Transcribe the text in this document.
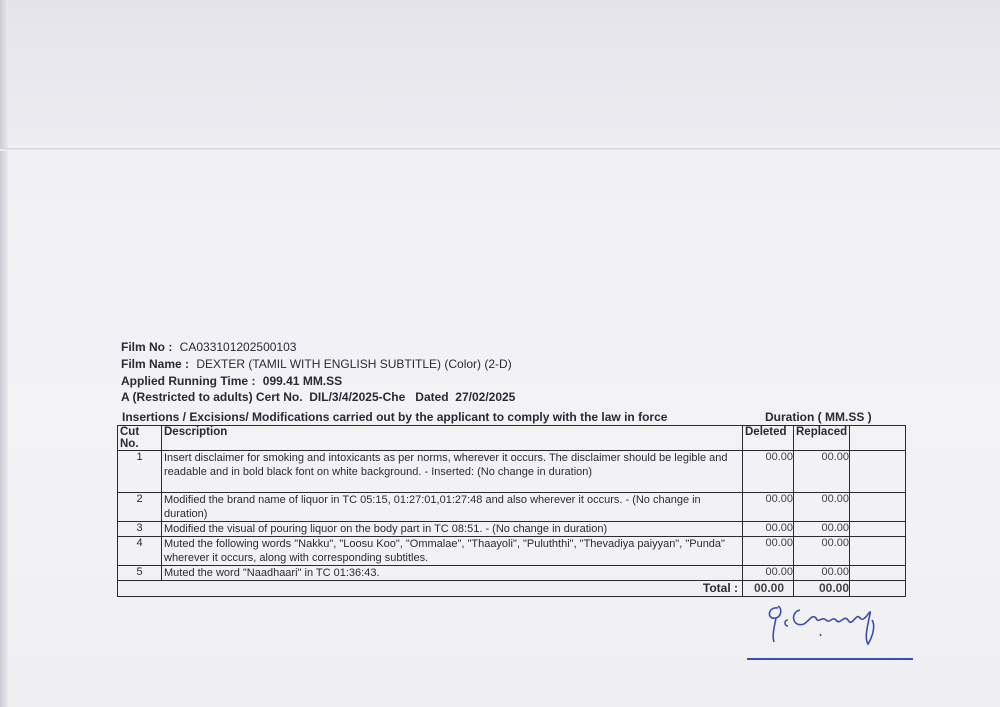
Film No : CA033101202500103
Film Name : DEXTER (TAMIL WITH ENGLISH SUBTITLE) (Color) (2-D)
Applied Running Time : 099.41 MM.SS
A (Restricted to adults) Cert No.  DIL/3/4/2025-Che   Dated  27/02/2025
Insertions / Excisions/ Modifications carried out by the applicant to comply with the law in force	Duration ( MM.SS )
Cut No.	Description	Deleted	Replaced	
1	Insert disclaimer for smoking and intoxicants as per norms, wherever it occurs. The disclaimer should be legible and readable and in bold black font on white background. - Inserted: (No change in duration)	00.00	00.00	
2	Modified the brand name of liquor in TC 05:15, 01:27:01,01:27:48 and also wherever it occurs. - (No change in duration)	00.00	00.00	
3	Modified the visual of pouring liquor on the body part in TC 08:51. - (No change in duration)	00.00	00.00	
4	Muted the following words "Nakku", "Loosu Koo", "Ommalae", "Thaayoli", "Puluththi", "Thevadiya paiyyan", "Punda" wherever it occurs, along with corresponding subtitles.	00.00	00.00	
5	Muted the word "Naadhaari" in TC 01:36:43.	00.00	00.00	
Total :		00.00	00.00	
